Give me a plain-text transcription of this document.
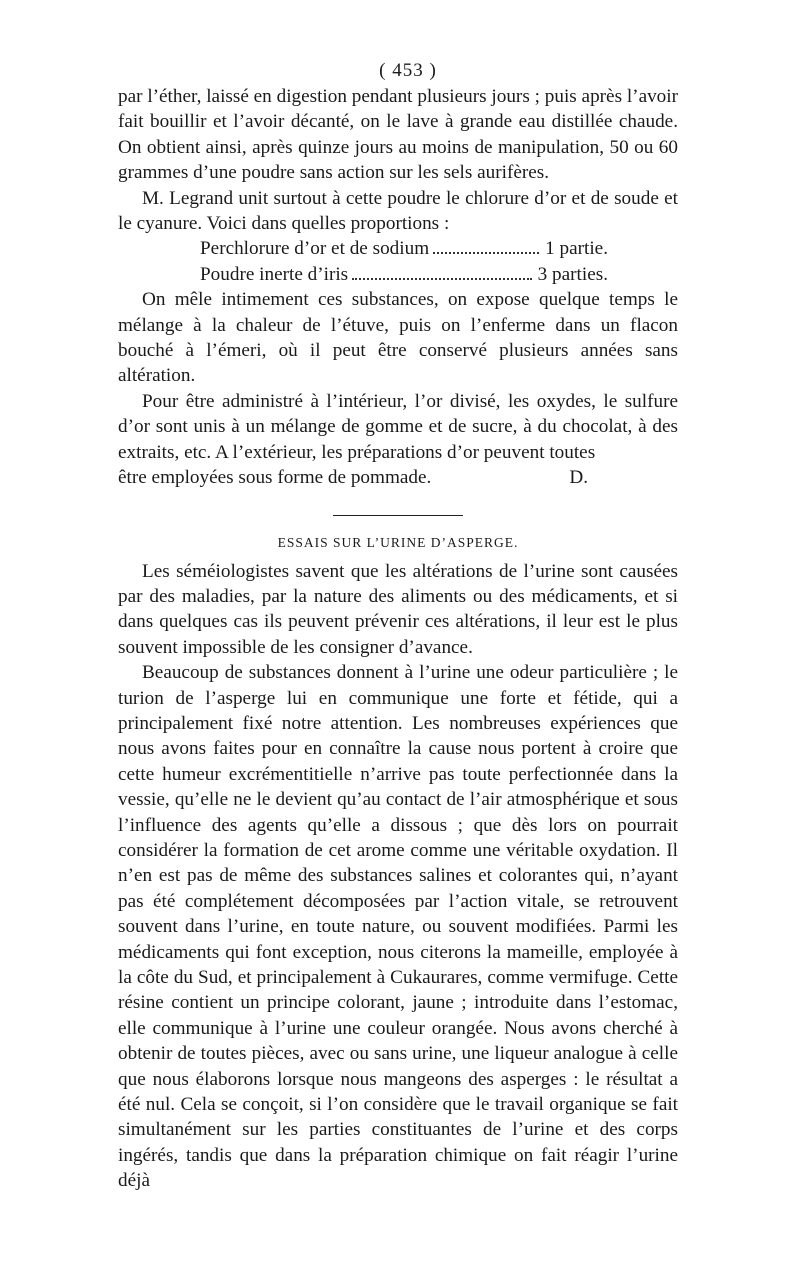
( 453 )

par l’éther, laissé en digestion pendant plusieurs jours ; puis après l’avoir fait bouillir et l’avoir décanté, on le lave à grande eau distillée chaude. On obtient ainsi, après quinze jours au moins de manipulation, 50 ou 60 grammes d’une poudre sans action sur les sels aurifères.

M. Legrand unit surtout à cette poudre le chlorure d’or et de soude et le cyanure. Voici dans quelles proportions :

Perchlorure d’or et de sodium	1 partie.
Poudre inerte d’iris	3 parties.

On mêle intimement ces substances, on expose quelque temps le mélange à la chaleur de l’étuve, puis on l’enferme dans un flacon bouché à l’émeri, où il peut être conservé plusieurs années sans altération.

Pour être administré à l’intérieur, l’or divisé, les oxydes, le sulfure d’or sont unis à un mélange de gomme et de sucre, à du chocolat, à des extraits, etc. A l’extérieur, les préparations d’or peuvent toutes

être employées sous forme de pommade.	D.
ESSAIS SUR L’URINE D’ASPERGE.

Les séméiologistes savent que les altérations de l’urine sont causées par des maladies, par la nature des aliments ou des médicaments, et si dans quelques cas ils peuvent prévenir ces altérations, il leur est le plus souvent impossible de les consigner d’avance.

Beaucoup de substances donnent à l’urine une odeur particulière ; le turion de l’asperge lui en communique une forte et fétide, qui a principalement fixé notre attention. Les nombreuses expériences que nous avons faites pour en connaître la cause nous portent à croire que cette humeur excrémentitielle n’arrive pas toute perfectionnée dans la vessie, qu’elle ne le devient qu’au contact de l’air atmosphérique et sous l’influence des agents qu’elle a dissous ; que dès lors on pourrait considérer la formation de cet arome comme une véritable oxydation. Il n’en est pas de même des substances salines et colorantes qui, n’ayant pas été complétement décomposées par l’action vitale, se retrouvent souvent dans l’urine, en toute nature, ou souvent modifiées. Parmi les médicaments qui font exception, nous citerons la mameille, employée à la côte du Sud, et principalement à Cukaurares, comme vermifuge. Cette résine contient un principe colorant, jaune ; introduite dans l’estomac, elle communique à l’urine une couleur orangée. Nous avons cherché à obtenir de toutes pièces, avec ou sans urine, une liqueur analogue à celle que nous élaborons lorsque nous mangeons des asperges : le résultat a été nul. Cela se conçoit, si l’on considère que le travail organique se fait simultanément sur les parties constituantes de l’urine et des corps ingérés, tandis que dans la préparation chimique on fait réagir l’urine déjà
